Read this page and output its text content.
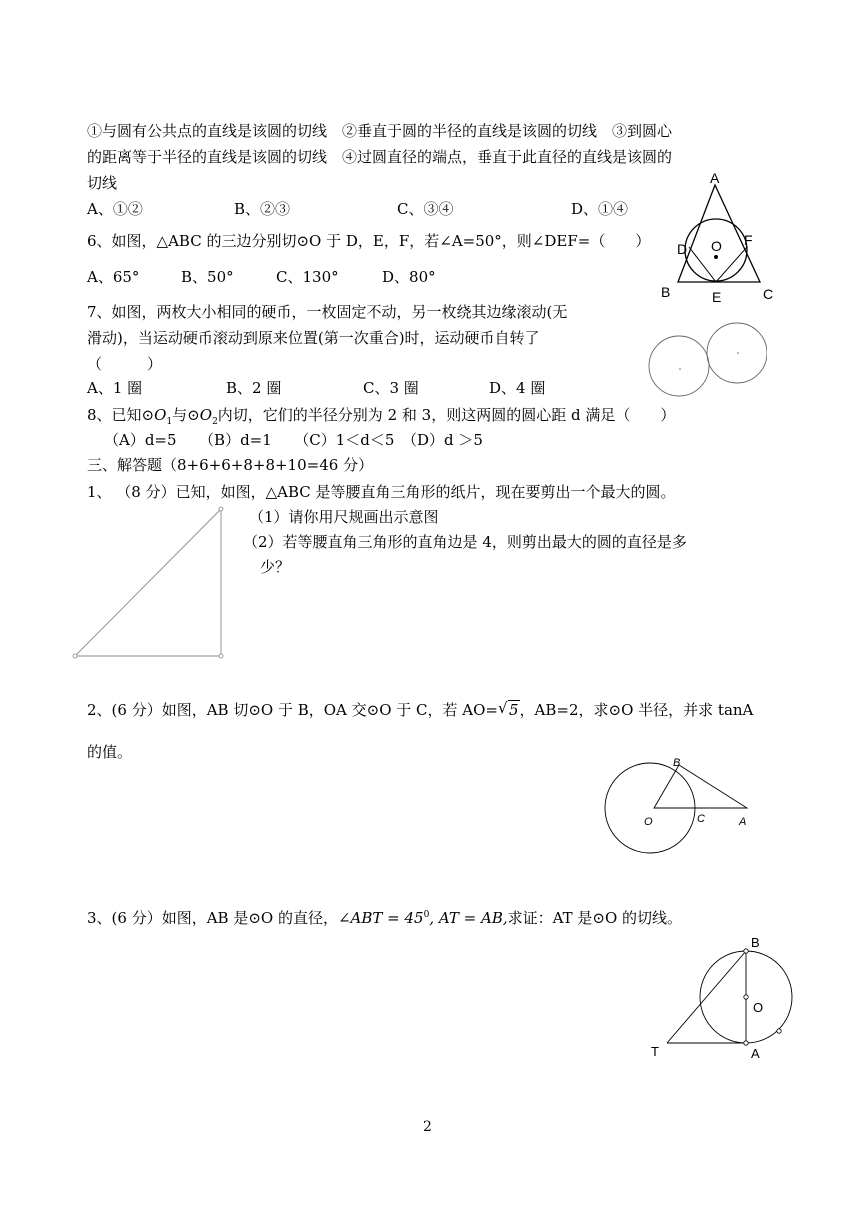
①与圆有公共点的直线是该圆的切线　②垂直于圆的半径的直线是该圆的切线　③到圆心
的距离等于半径的直线是该圆的切线　④过圆直径的端点，垂直于此直径的直线是该圆的
切线
A、①②	B、②③	C、③④	D、①④
6、如图，△ABC 的三边分别切⊙O 于 D，E，F，若∠A=50°，则∠DEF=（　　）
A、65°	B、50°	C、130°	D、80°
A
D
F
O
B	E	C
7、如图，两枚大小相同的硬币，一枚固定不动，另一枚绕其边缘滚动(无
滑动)，当运动硬币滚动到原来位置(第一次重合)时，运动硬币自转了
（　　　）
A、1 圈	B、2 圈	C、3 圈	D、4 圈
8、已知$⊙O_1$与$⊙O_2$内切，它们的半径分别为 2 和 3，则这两圆的圆心距 d 满足（　　）
（A）d=5　　（B）d=1　　（C）1＜d＜5　（D）d ＞5
三、解答题（8+6+6+8+8+10=46 分）
1、 （8 分）已知，如图，△ABC 是等腰直角三角形的纸片，现在要剪出一个最大的圆。
（1）请你用尺规画出示意图
（2）若等腰直角三角形的直角边是 4，则剪出最大的圆的直径是多
少？
2、(6 分）如图，AB 切⊙O 于 B，OA 交⊙O 于 C，若 AO= √ 5，AB=2，求⊙O 半径，并求 tanA
的值。
B
O	C	A
3、(6 分）如图，AB 是⊙O 的直径，∠ABT = $45^0$, AT = AB,求证：AT 是⊙O 的切线。
B
O
T	A
2
